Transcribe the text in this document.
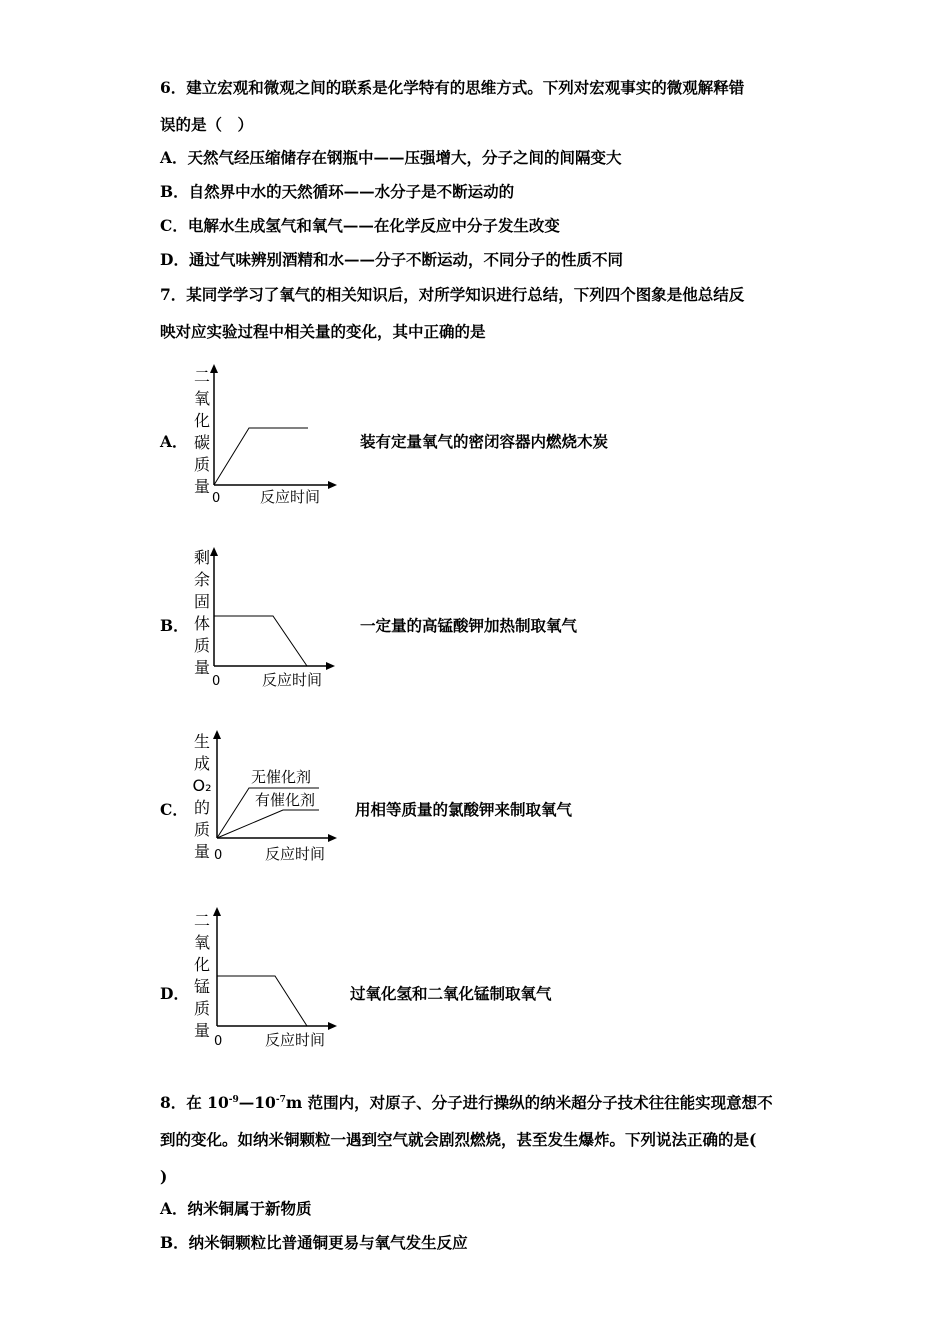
6．建立宏观和微观之间的联系是化学特有的思维方式。下列对宏观事实的微观解释错
误的是（　）
A．天然气经压缩储存在钢瓶中——压强增大，分子之间的间隔变大
B．自然界中水的天然循环——水分子是不断运动的
C．电解水生成氢气和氧气——在化学反应中分子发生改变
D．通过气味辨别酒精和水——分子不断运动，不同分子的性质不同
7．某同学学习了氧气的相关知识后，对所学知识进行总结，下列四个图象是他总结反
映对应实验过程中相关量的变化，其中正确的是
A．
二
氧
化
碳
质
量
0	反应时间
装有定量氧气的密闭容器内燃烧木炭
B．
剩
余
固
体
质
量
0	反应时间
一定量的高锰酸钾加热制取氧气
C．
生
成
O₂
的
质
量
无催化剂
有催化剂
0	反应时间
用相等质量的氯酸钾来制取氧气
D．
二
氧
化
锰
质
量
0	反应时间
过氧化氢和二氧化锰制取氧气
8．在 $10^{-9}—10^{-7}m$ 范围内，对原子、分子进行操纵的纳米超分子技术往往能实现意想不
到的变化。如纳米铜颗粒一遇到空气就会剧烈燃烧，甚至发生爆炸。下列说法正确的是(
)
A．纳米铜属于新物质
B．纳米铜颗粒比普通铜更易与氧气发生反应
